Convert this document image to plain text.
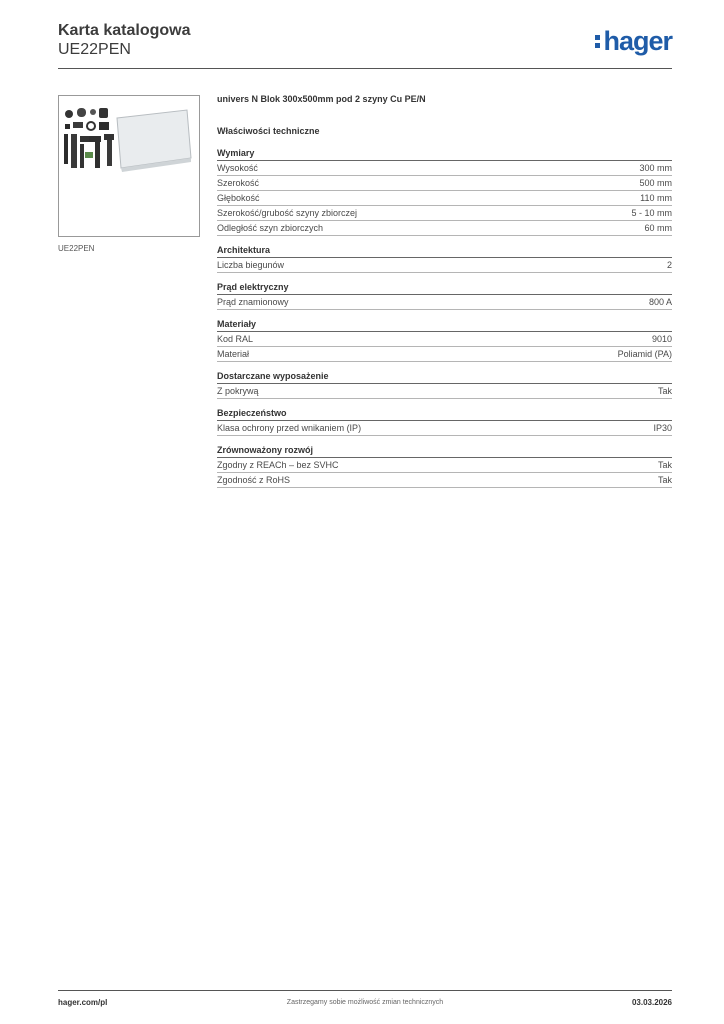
Karta katalogowa
UE22PEN	hager
UE22PEN
univers N Blok 300x500mm pod 2 szyny Cu PE/N
Właściwości techniczne
Wymiary
Wysokość	300 mm
Szerokość	500 mm
Głębokość	110 mm
Szerokość/grubość szyny zbiorczej	5 - 10 mm
Odległość szyn zbiorczych	60 mm
Architektura
Liczba biegunów	2
Prąd elektryczny
Prąd znamionowy	800 A
Materiały
Kod RAL	9010
Materiał	Poliamid (PA)
Dostarczane wyposażenie
Z pokrywą	Tak
Bezpieczeństwo
Klasa ochrony przed wnikaniem (IP)	IP30
Zrównoważony rozwój
Zgodny z REACh – bez SVHC	Tak
Zgodność z RoHS	Tak
hager.com/pl	Zastrzegamy sobie możliwość zmian technicznych	03.03.2026
